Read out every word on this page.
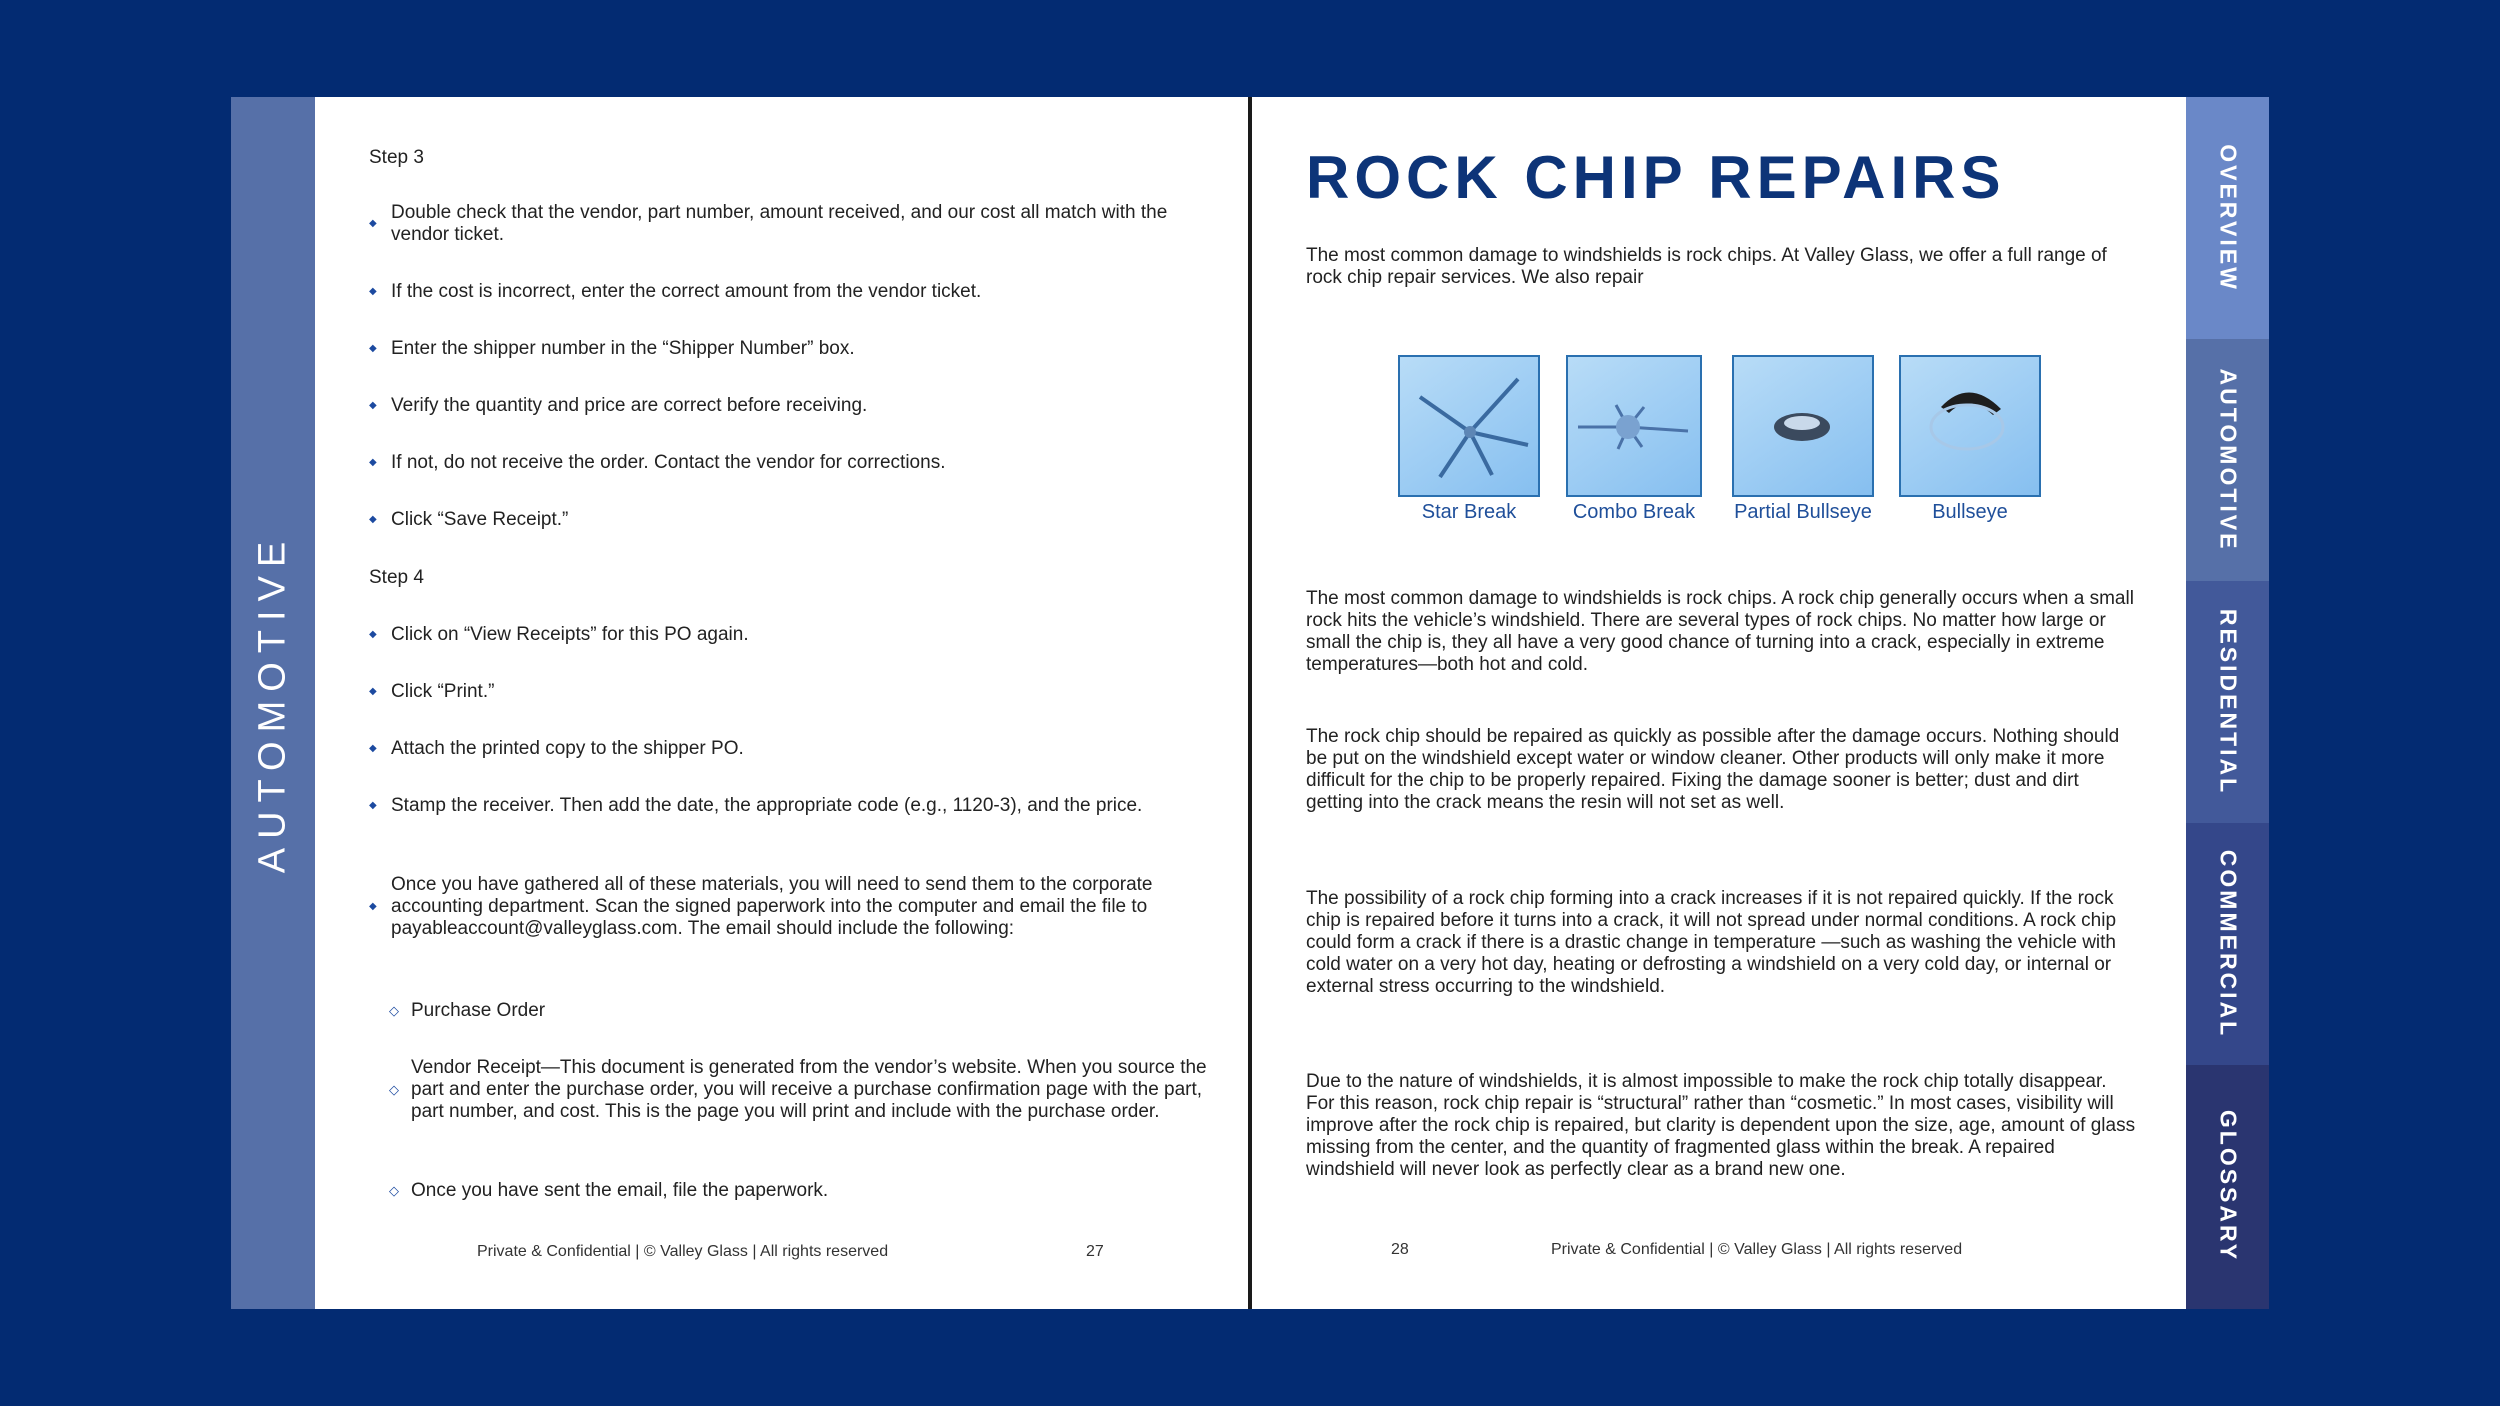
AUTOMOTIVE
Step 3
◆
Double check that the vendor, part number, amount received, and our cost all match with the vendor ticket.
◆ If the cost is incorrect, enter the correct amount from the vendor ticket.
◆ Enter the shipper number in the “Shipper Number” box.
◆ Verify the quantity and price are correct before receiving.
◆ If not, do not receive the order. Contact the vendor for corrections.
◆ Click “Save Receipt.”
Step 4
◆ Click on “View Receipts” for this PO again.
◆ Click “Print.”
◆ Attach the printed copy to the shipper PO.
◆ Stamp the receiver. Then add the date, the appropriate code (e.g., 1120-3), and the price.
◆
Once you have gathered all of these materials, you will need to send them to the corporate accounting department. Scan the signed paperwork into the computer and email the file to payableaccount@valleyglass.com. The email should include the following:
◇ Purchase Order
◇
Vendor Receipt—This document is generated from the vendor’s website. When you source the part and enter the purchase order, you will receive a purchase confirmation page with the part, part number, and cost. This is the page you will print and include with the purchase order.
◇ Once you have sent the email, file the paperwork.
Private & Confidential | © Valley Glass | All rights reserved	27
ROCK CHIP REPAIRS
The most common damage to windshields is rock chips. At Valley Glass, we offer a full range of rock chip repair services. We also repair
Star Break	Combo Break Partial Bullseye	Bullseye
The most common damage to windshields is rock chips. A rock chip generally occurs when a small rock hits the vehicle’s windshield. There are several types of rock chips. No matter how large or small the chip is, they all have a very good chance of turning into a crack, especially in extreme temperatures—both hot and cold.
The rock chip should be repaired as quickly as possible after the damage occurs. Nothing should be put on the windshield except water or window cleaner. Other products will only make it more difficult for the chip to be properly repaired. Fixing the damage sooner is better; dust and dirt getting into the crack means the resin will not set as well.
The possibility of a rock chip forming into a crack increases if it is not repaired quickly. If the rock chip is repaired before it turns into a crack, it will not spread under normal conditions. A rock chip could form a crack if there is a drastic change in temperature —such as washing the vehicle with cold water on a very hot day, heating or defrosting a windshield on a very cold day, or internal or external stress occurring to the windshield.
Due to the nature of windshields, it is almost impossible to make the rock chip totally disappear. For this reason, rock chip repair is “structural” rather than “cosmetic.” In most cases, visibility will improve after the rock chip is repaired, but clarity is dependent upon the size, age, amount of glass missing from the center, and the quantity of fragmented glass within the break. A repaired windshield will never look as perfectly clear as a brand new one.
28	Private & Confidential | © Valley Glass | All rights reserved
OVERVIEW
AUTOMOTIVE
RESIDENTIAL
COMMERCIAL
GLOSSARY
